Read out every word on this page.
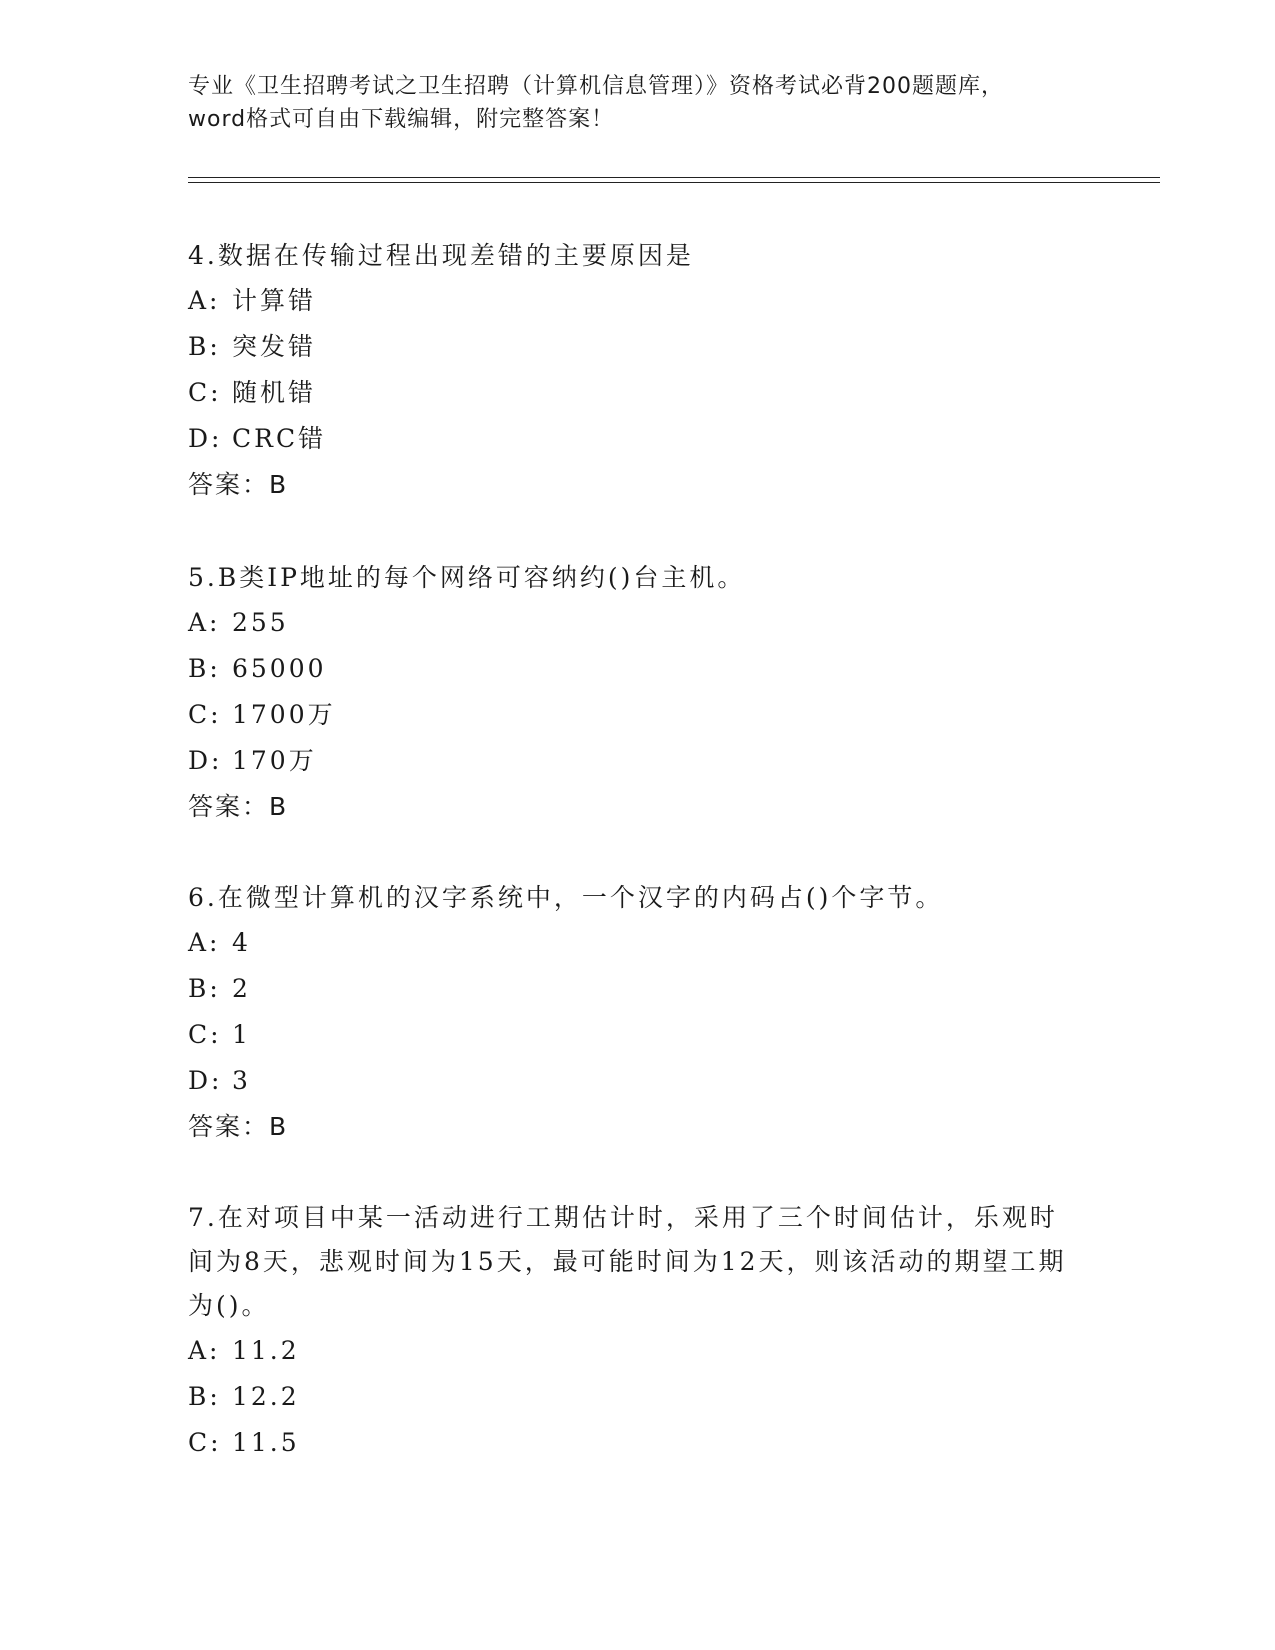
专业《卫生招聘考试之卫生招聘（计算机信息管理）》资格考试必背200题题库，
word格式可自由下载编辑，附完整答案！
4.数据在传输过程出现差错的主要原因是
A: 计算错
B: 突发错
C: 随机错
D: CRC错
答案：B
5.B类IP地址的每个网络可容纳约()台主机。
A: 255
B: 65000
C: 1700万
D: 170万
答案：B
6.在微型计算机的汉字系统中，一个汉字的内码占()个字节。
A: 4
B: 2
C: 1
D: 3
答案：B
7.在对项目中某一活动进行工期估计时，采用了三个时间估计，乐观时间为8天，悲观时间为15天，最可能时间为12天，则该活动的期望工期为()。
A: 11.2
B: 12.2
C: 11.5
